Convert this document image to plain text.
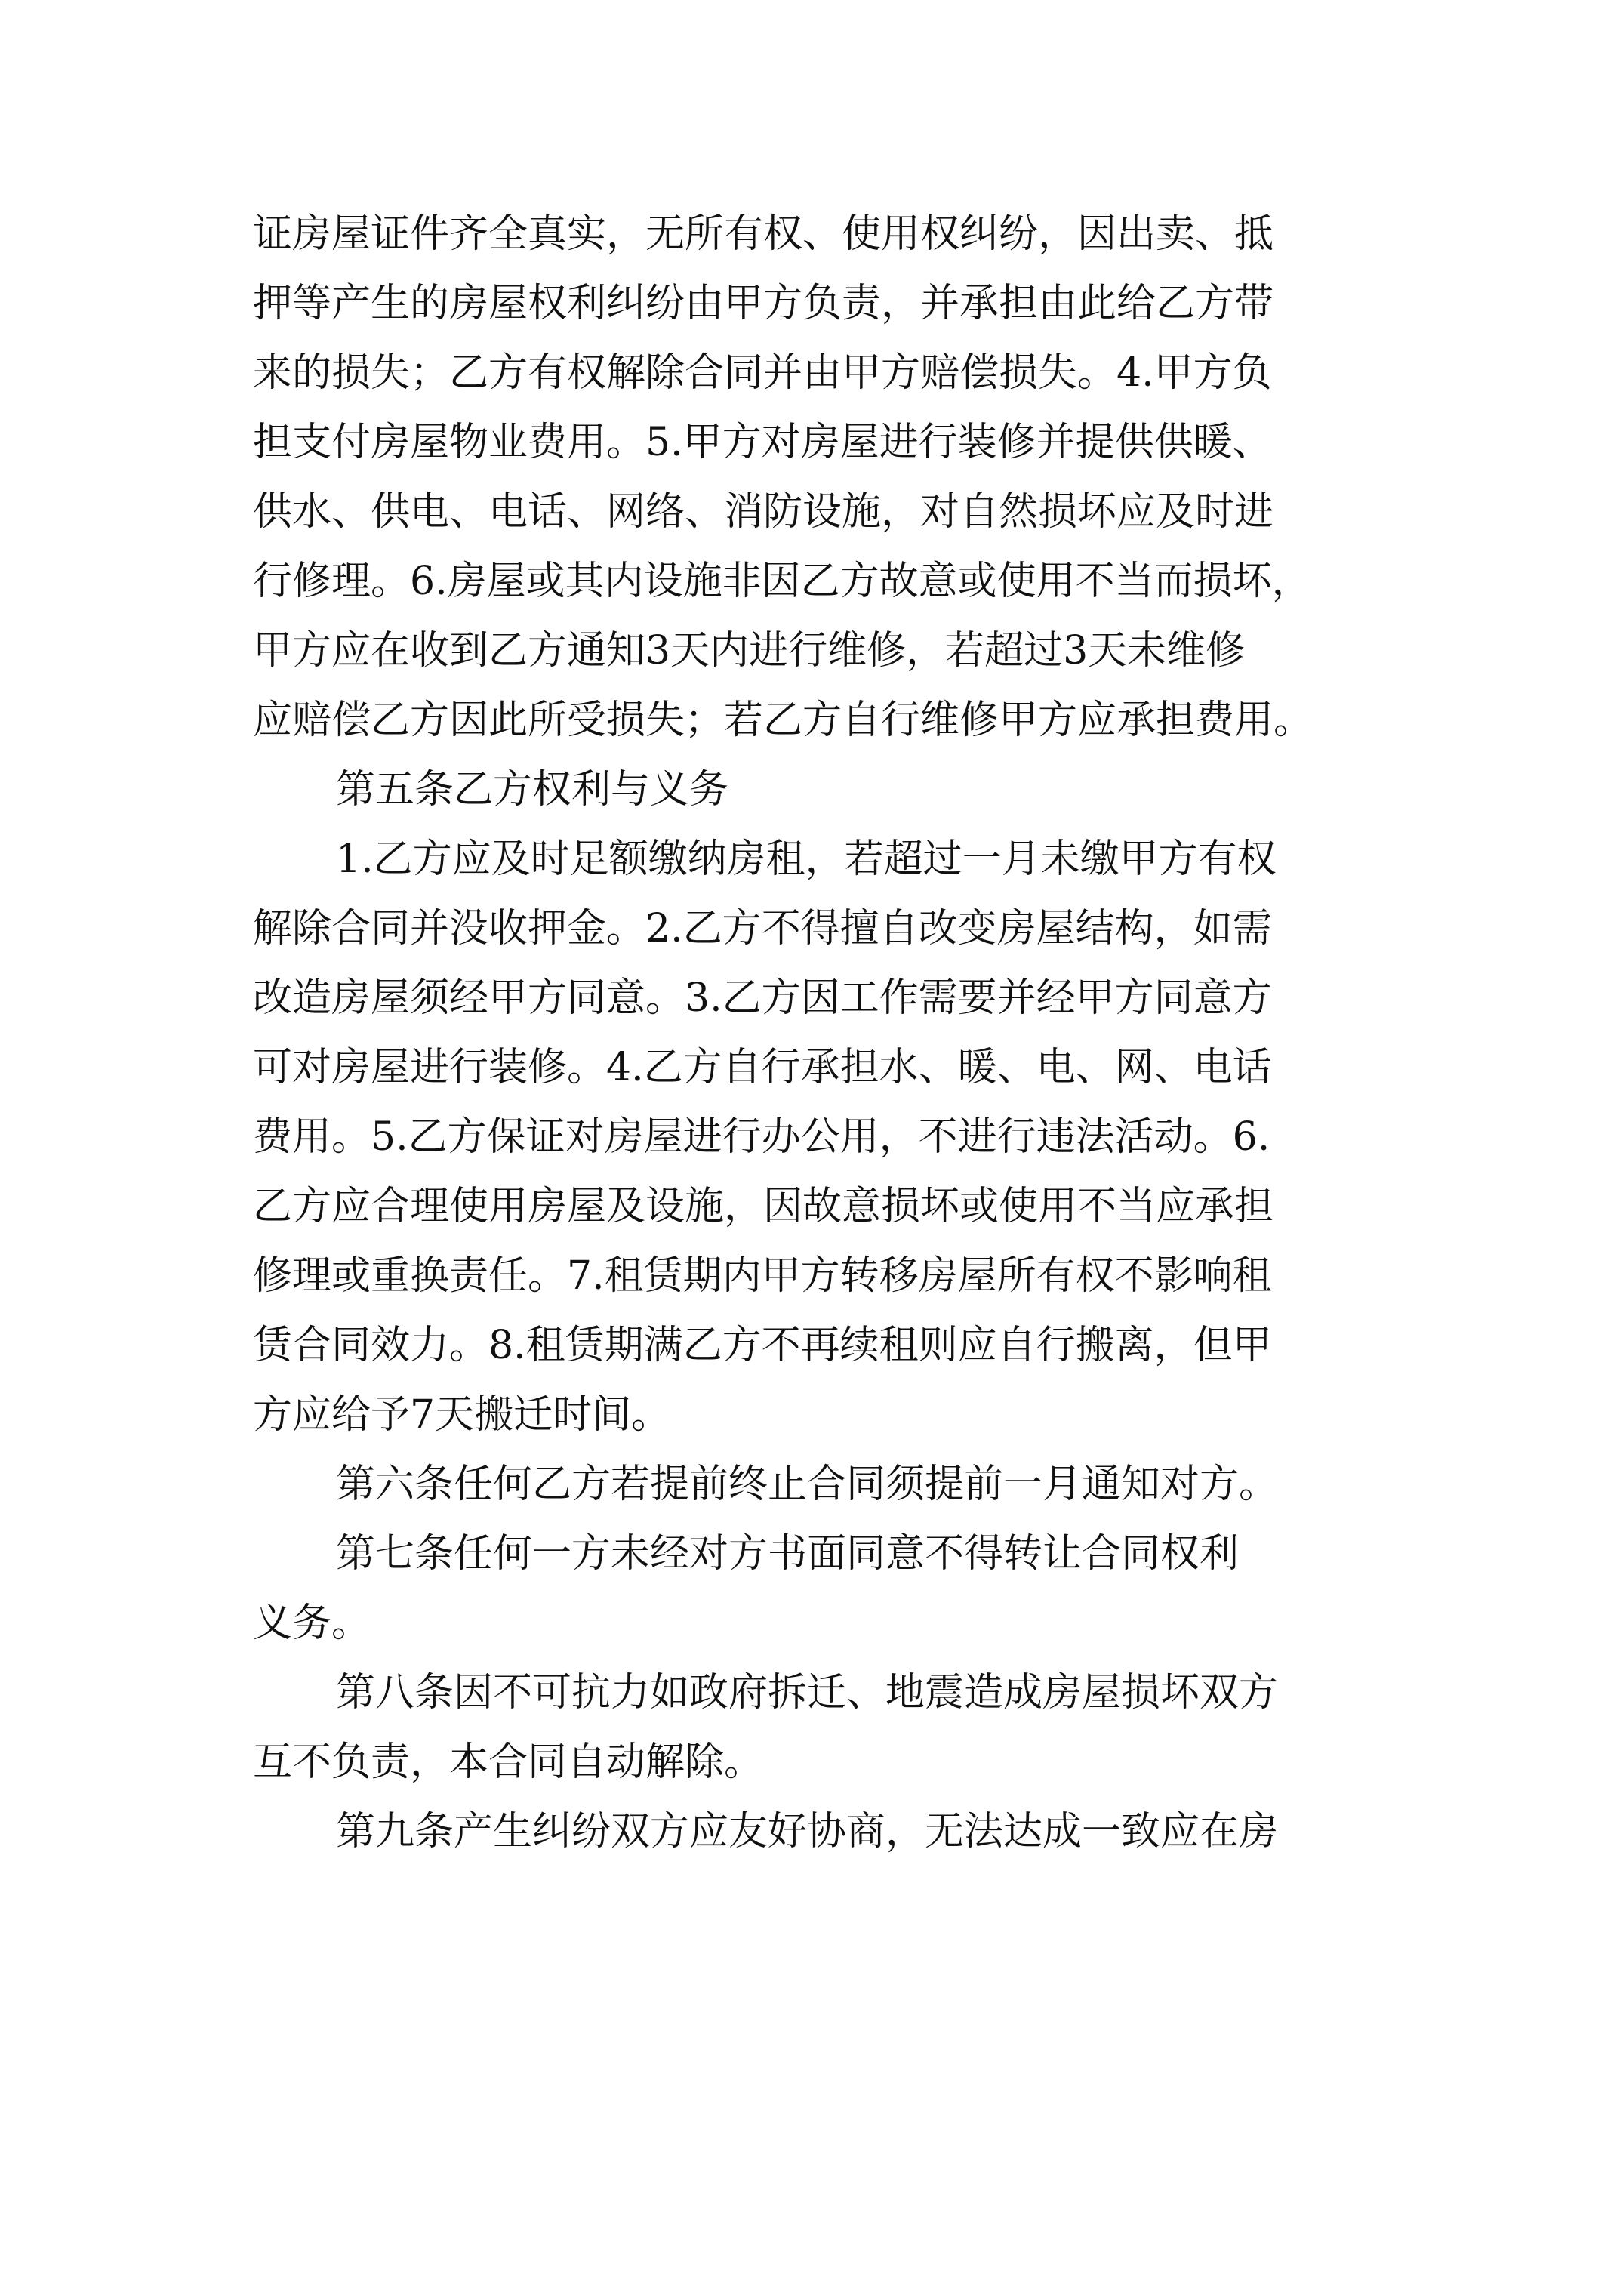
证房屋证件齐全真实，无所有权、使用权纠纷，因出卖、抵
押等产生的房屋权利纠纷由甲方负责，并承担由此给乙方带
来的损失；乙方有权解除合同并由甲方赔偿损失。4.甲方负
担支付房屋物业费用。5.甲方对房屋进行装修并提供供暖、
供水、供电、电话、网络、消防设施，对自然损坏应及时进
行修理。6.房屋或其内设施非因乙方故意或使用不当而损坏，
甲方应在收到乙方通知3天内进行维修，若超过3天未维修
应赔偿乙方因此所受损失；若乙方自行维修甲方应承担费用。
第五条乙方权利与义务
1.乙方应及时足额缴纳房租，若超过一月未缴甲方有权
解除合同并没收押金。2.乙方不得擅自改变房屋结构，如需
改造房屋须经甲方同意。3.乙方因工作需要并经甲方同意方
可对房屋进行装修。4.乙方自行承担水、暖、电、网、电话
费用。5.乙方保证对房屋进行办公用，不进行违法活动。6.
乙方应合理使用房屋及设施，因故意损坏或使用不当应承担
修理或重换责任。7.租赁期内甲方转移房屋所有权不影响租
赁合同效力。8.租赁期满乙方不再续租则应自行搬离，但甲
方应给予7天搬迁时间。
第六条任何乙方若提前终止合同须提前一月通知对方。
第七条任何一方未经对方书面同意不得转让合同权利
义务。
第八条因不可抗力如政府拆迁、地震造成房屋损坏双方
互不负责，本合同自动解除。
第九条产生纠纷双方应友好协商，无法达成一致应在房
